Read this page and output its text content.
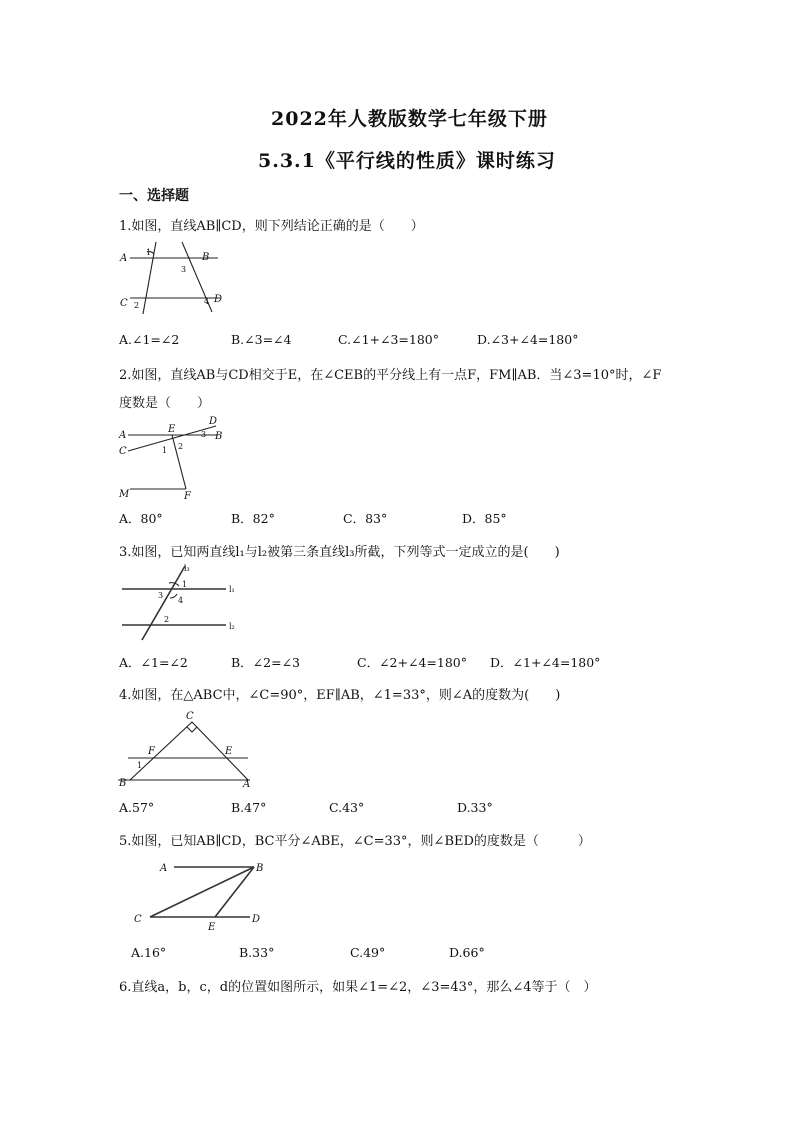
2022年人教版数学七年级下册
5.3.1《平行线的性质》课时练习
一、选择题
1.如图，直线AB∥CD，则下列结论正确的是（　　）
A
1	B
3
C 2	4 D
A.∠1=∠2	B.∠3=∠4	C.∠1+∠3=180°	D.∠3+∠4=180°
2.如图，直线AB与CD相交于E，在∠CEB的平分线上有一点F，FM∥AB．当∠3=10°时，∠F
度数是（　　）
A
E
D
3 B
C	1 2
M	F
A．80°	B．82°	C．83°	D．85°
3.如图，已知两直线l₁与l₂被第三条直线l₃所截，下列等式一定成立的是(　　)
l₃
1
3
4
l₁
2
l₂
A．∠1=∠2	B．∠2=∠3	C．∠2+∠4=180° D．∠1+∠4=180°
4.如图，在△ABC中，∠C=90°，EF∥AB，∠1=33°，则∠A的度数为(　　)
C
F	E
1
B	A
A.57°	B.47°	C.43°	D.33°
5.如图，已知AB∥CD，BC平分∠ABE，∠C=33°，则∠BED的度数是（　　　）
A	B
C	D
E
A.16°	B.33°	C.49°	D.66°
6.直线a，b，c，d的位置如图所示，如果∠1=∠2，∠3=43°，那么∠4等于（　）
